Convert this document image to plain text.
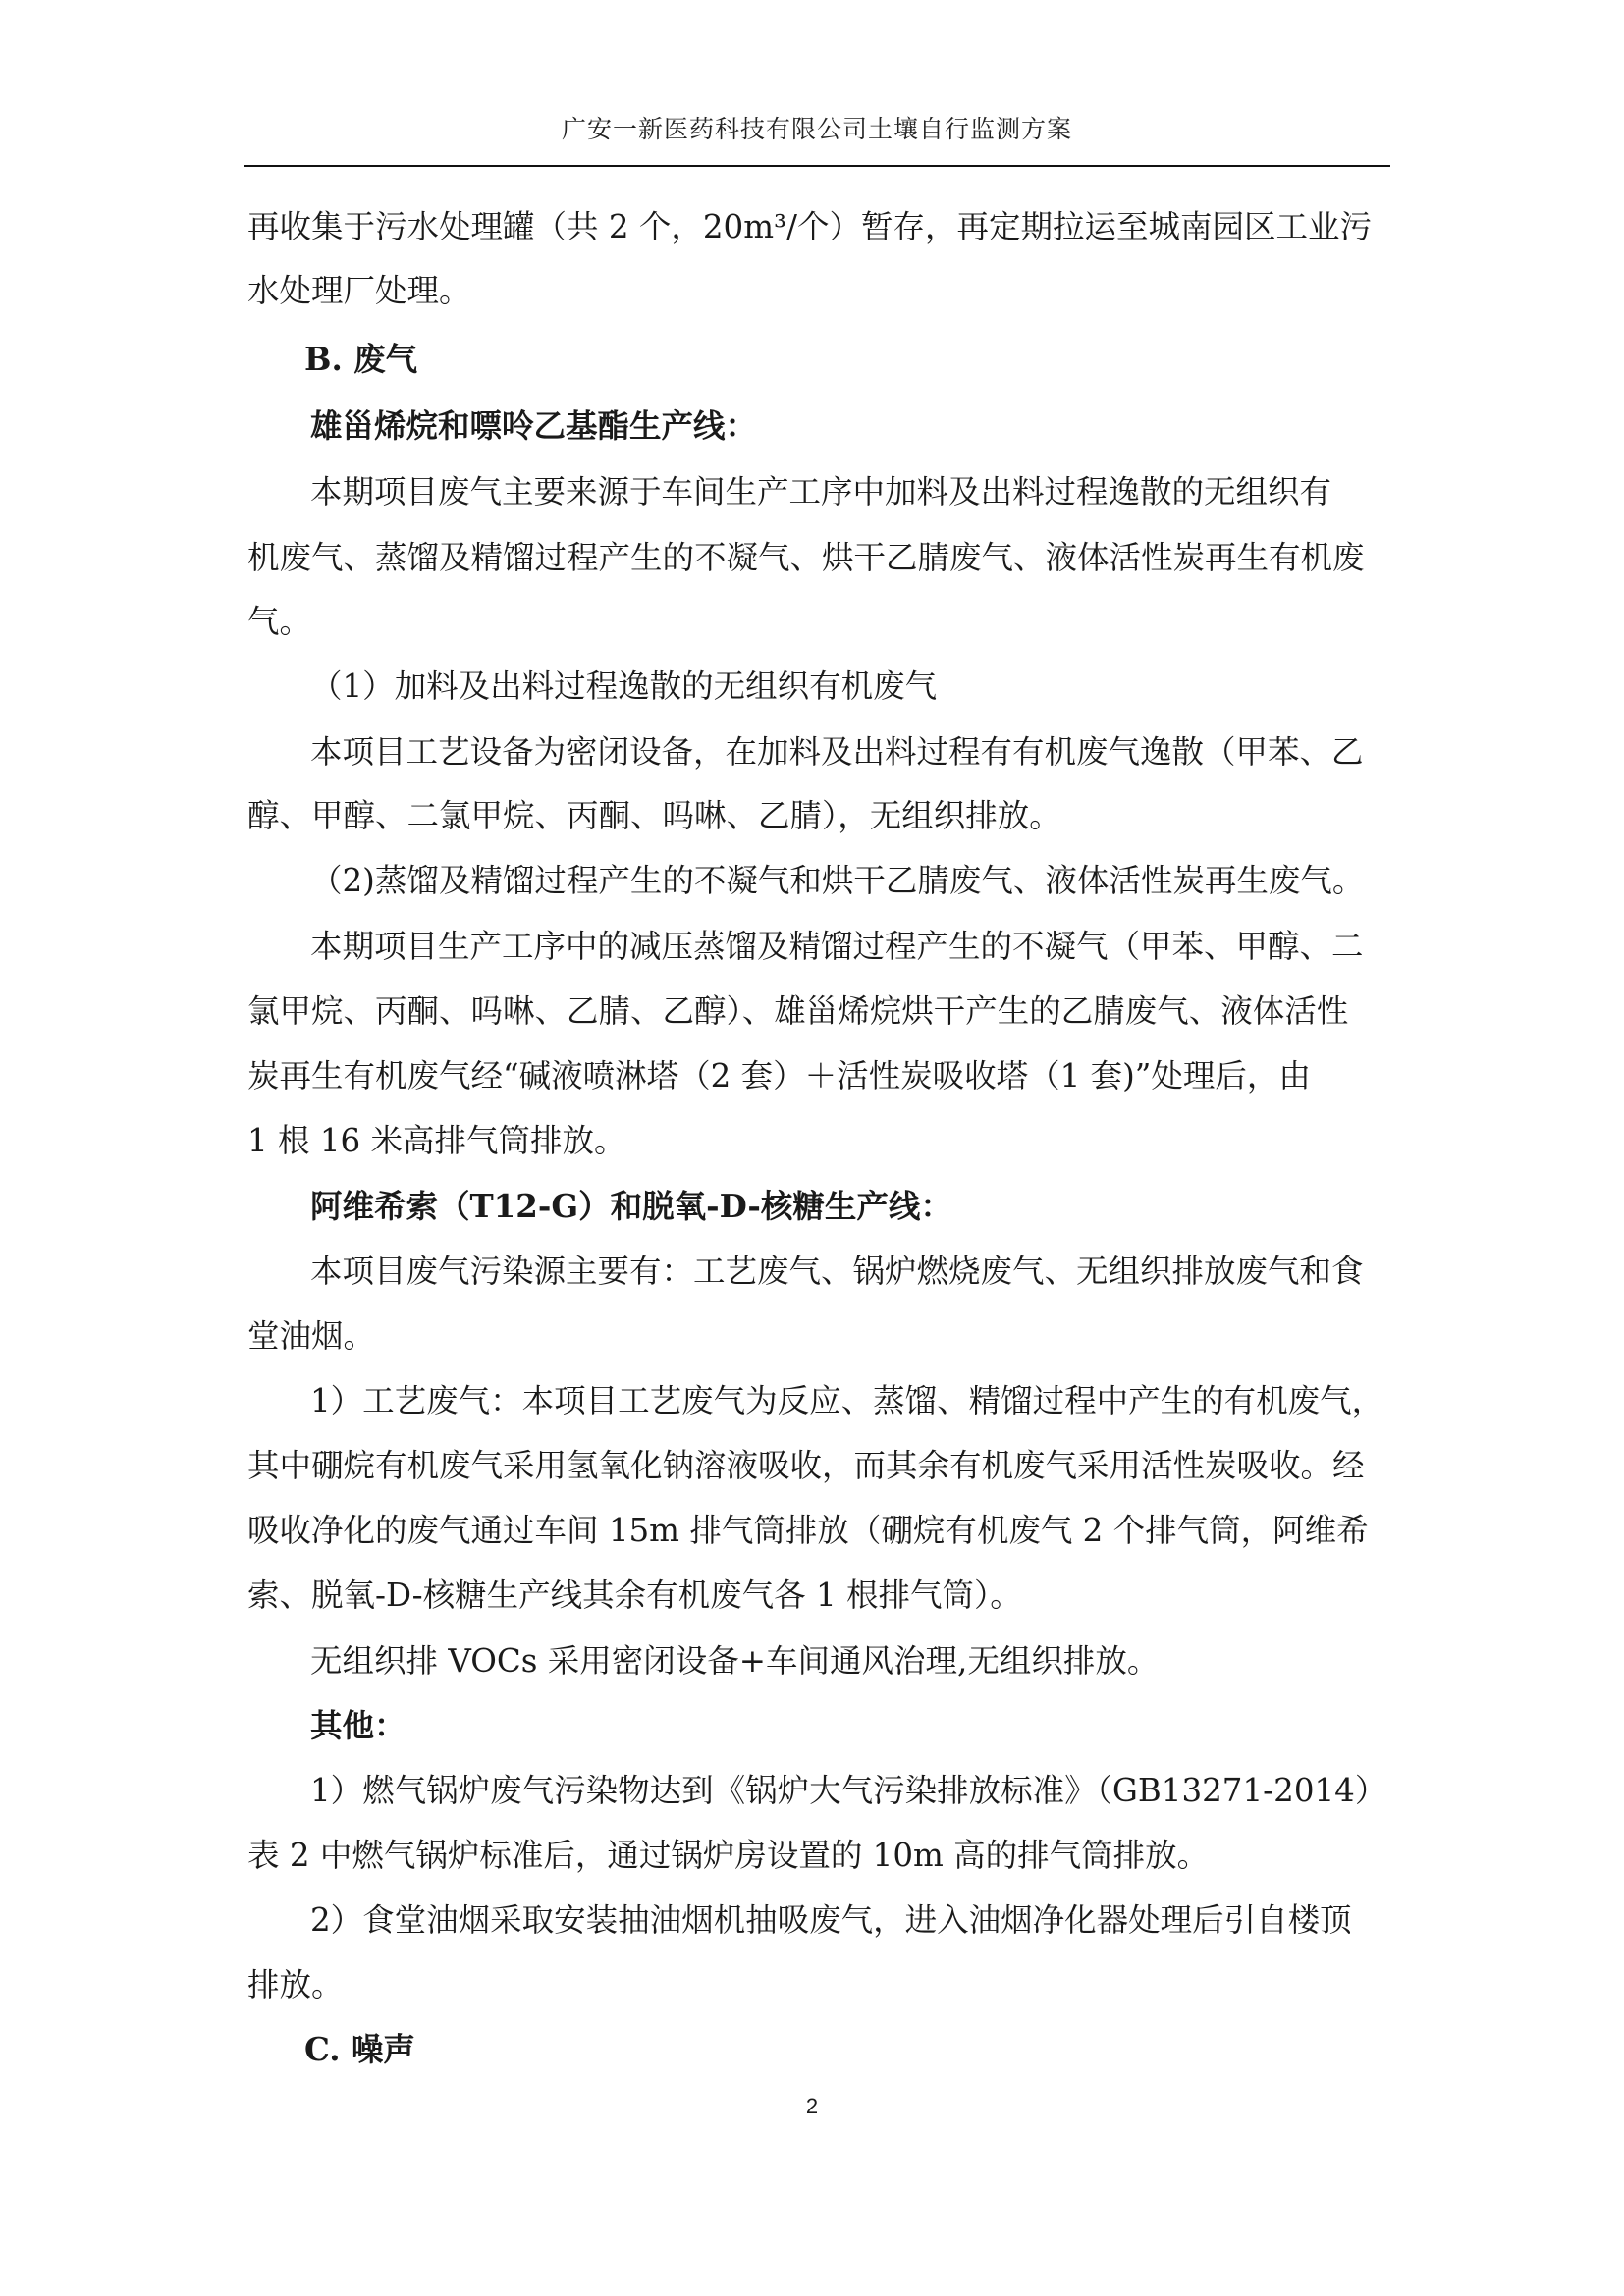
广安一新医药科技有限公司土壤自行监测方案
再收集于污水处理罐（共 2 个，20m³/个）暂存，再定期拉运至城南园区工业污
水处理厂处理。
B. 废气
雄甾烯烷和嘌呤乙基酯生产线：
本期项目废气主要来源于车间生产工序中加料及出料过程逸散的无组织有
机废气、蒸馏及精馏过程产生的不凝气、烘干乙腈废气、液体活性炭再生有机废
气。
（1）加料及出料过程逸散的无组织有机废气
本项目工艺设备为密闭设备，在加料及出料过程有有机废气逸散（甲苯、乙
醇、甲醇、二氯甲烷、丙酮、吗啉、乙腈），无组织排放。
（2)蒸馏及精馏过程产生的不凝气和烘干乙腈废气、液体活性炭再生废气。
本期项目生产工序中的减压蒸馏及精馏过程产生的不凝气（甲苯、甲醇、二
氯甲烷、丙酮、吗啉、乙腈、乙醇）、雄甾烯烷烘干产生的乙腈废气、液体活性
炭再生有机废气经“碱液喷淋塔（2 套）＋活性炭吸收塔（1 套)”处理后，由
1 根 16 米高排气筒排放。
阿维希索（T12-G）和脱氧-D-核糖生产线：
本项目废气污染源主要有：工艺废气、锅炉燃烧废气、无组织排放废气和食
堂油烟。
1）工艺废气：本项目工艺废气为反应、蒸馏、精馏过程中产生的有机废气，
其中硼烷有机废气采用氢氧化钠溶液吸收，而其余有机废气采用活性炭吸收。经
吸收净化的废气通过车间 15m 排气筒排放（硼烷有机废气 2 个排气筒，阿维希
索、脱氧-D-核糖生产线其余有机废气各 1 根排气筒）。
无组织排 VOCs 采用密闭设备+车间通风治理,无组织排放。
其他：
1）燃气锅炉废气污染物达到《锅炉大气污染排放标准》（GB13271-2014）
表 2 中燃气锅炉标准后，通过锅炉房设置的 10m 高的排气筒排放。
2）食堂油烟采取安装抽油烟机抽吸废气，进入油烟净化器处理后引自楼顶
排放。
C. 噪声
2
